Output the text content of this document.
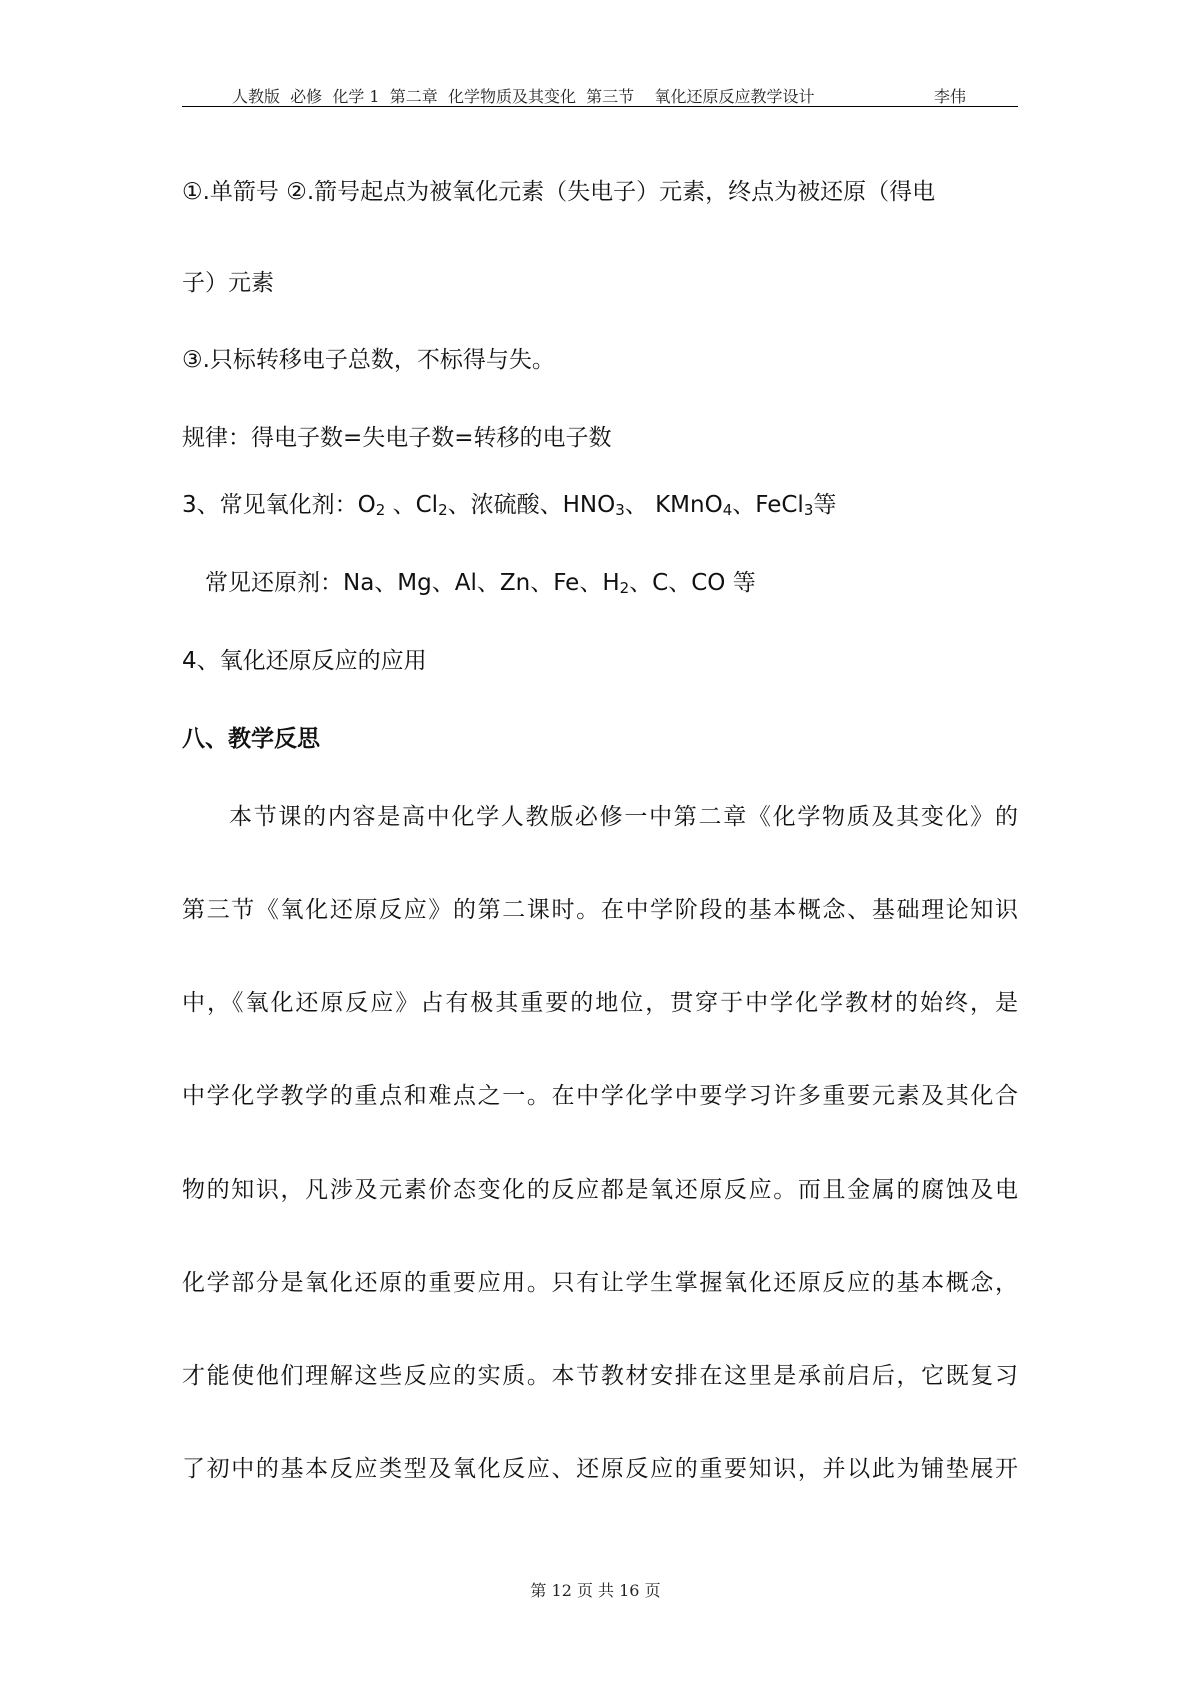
人教版  必修  化学 1  第二章  化学物质及其变化  第三节    氧化还原反应教学设计	李伟
①.单箭号 ②.箭号起点为被氧化元素（失电子）元素，终点为被还原（得电
子）元素
③.只标转移电子总数，不标得与失。
规律：得电子数=失电子数=转移的电子数
3、常见氧化剂：$O_2$ 、$Cl_2$、浓硫酸、$HNO_3$、 KMnO$_4$、FeCl$_3$等
常见还原剂：Na、Mg、Al、Zn、Fe、$H_2$、C、CO 等
4、氧化还原反应的应用
八、教学反思
本节课的内容是高中化学人教版必修一中第二章《化学物质及其变化》的
第三节《氧化还原反应》的第二课时。在中学阶段的基本概念、基础理论知识
中，《氧化还原反应》占有极其重要的地位，贯穿于中学化学教材的始终，是
中学化学教学的重点和难点之一。在中学化学中要学习许多重要元素及其化合
物的知识，凡涉及元素价态变化的反应都是氧还原反应。而且金属的腐蚀及电
化学部分是氧化还原的重要应用。只有让学生掌握氧化还原反应的基本概念，
才能使他们理解这些反应的实质。本节教材安排在这里是承前启后，它既复习
了初中的基本反应类型及氧化反应、还原反应的重要知识，并以此为铺垫展开
第 12 页 共 16 页
